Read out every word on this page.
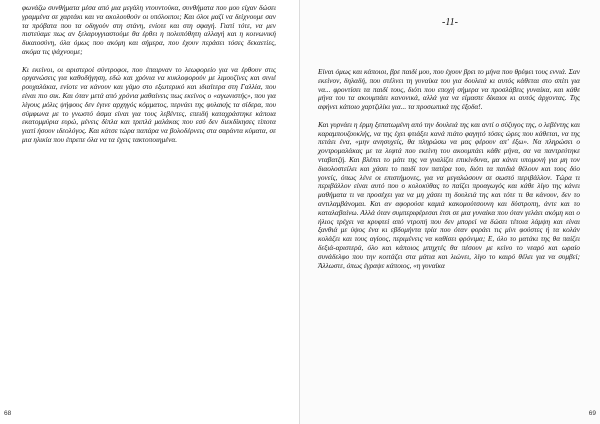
φωνάζω συνθήματα μέσα από μια μεγάλη ντουντούκα, συνθήματα που μου είχαν δώσει γραμμένα σε χαρτάκι και να ακολουθούν οι υπόλοιποι; Και όλοι μαζί να δείχνουμε σαν τα πρόβατα που τα οδηγούν στη στάνη, ενίοτε και στη σφαγή. Γιατί τότε, να μεν πιστεύαμε πως αν ξελαρυγγιαστούμε θα έρθει η πολυπόθητη αλλαγή και η κοινωνική δικαιοσύνη, όλα όμως που ακόμη και σήμερα, που έχουν περάσει τόσες δεκαετίες, ακόμα τις ψάχνουμε;

Κι εκείνοι, οι αριστεροί σύντροφοι, που έπαιρναν το λεωφορείο για να έρθουν στις οργανώσεις για καθοδήγηση, εδώ και χρόνια να κυκλοφορούν με λιμουζίνες και σινιέ ρουχαλάκια, ενίοτε να κάνουν και γάμο στο εξωτερικό και ιδιαίτερα στη Γαλλία, που είναι πιο σικ. Και όταν μετά από χρόνια μαθαίνεις πως εκείνος ο «αγωνιστής», που για λίγους μόλις ψήφους δεν έγινε αρχηγός κόμματος, περνάει της φυλακής τα σίδερα, που σύμφωνα με το γνωστό άσμα είναι για τους λεβέντες, επειδή καταχράστηκε κάποια εκατομμύρια ευρώ, μένεις δίπλα και τριπλά μαλάκας που εσύ δεν διεκδίκησες τίποτα γιατί ήσουν ιδεολόγος. Και κάτσε τώρα παπάρα να βολοδέρνεις στα σαράντα κύματα, σε μια ηλικία που έπρεπε όλα να τα έχεις τακτοποιημένα.

68
-11-

Είναι όμως και κάποιοι, βρε παιδί μου, που έχουν βρει το μήνα που θρέφει τους εννιά. Σαν εκείνον, δηλαδή, που στέλνει τη γυναίκα του για δουλειά κι αυτός κάθεται στο σπίτι για να... φροντίσει τα παιδί τους, διότι που εποχή σήμερα να προσλάβεις γυναίκα, και κάθε μήνα του τα ακουμπάει κανονικά, αλλά για να είμαστε δίκαιοι κι αυτός άρχοντας. Της αφήνει κάποιο χαρτζιλίκι για... τα προσωπικά της έξοδα!.

Και γυρνάει η έρμη ξεπατωμένη από την δουλειά της και αντί ο σύζυγος της, ο λεβέντης και καραμπουζουκλής, να της έχει φτιάξει κανά πιάτο φαγητό τόσες ώρες που κάθεται, να της πετάει ένα, «μην ανησυχείς, θα πληρώσω να μας φέρουν απ' έξω». Να πληρώσει ο χοντρομαλάκας με τα λεφτά που εκείνη του ακουμπάει κάθε μήνα, σα να παντρεύτηκε νταβατζή. Και βλέπει το μάτι της να γυαλίζει επικίνδυνα, μα κάνει υπομονή για μη τον διαολοστείλει και χάσει το παιδί τον πατέρα του, διότι τα παιδιά θέλουν και τους δύο γονείς, όπως λένε οι επιστήμονες, για να μεγαλώσουν σε σωστό περιβάλλον. Τώρα τι περιβάλλον είναι αυτό που ο κολοκύθας το παίζει προαγωγός και κάθε λίγο της κάνει μαθήματα τι να προσέχει για να μη χάσει τη δουλειά της και τότε τι θα κάνουν, δεν το αντιλαμβάνομαι. Και αν αφορούσε καμιά κακομούτσουνη και δύστροπη, άντε και το καταλαβαίνω. Αλλά όταν συμπεριφέρεσαι έτσι σε μια γυναίκα που όταν γελάει ακόμη και ο ήλιος τρέχει να κρυφτεί από ντροπή που δεν μπορεί να δώσει τέτοια λάμψη και είναι ξανθιά με ύψος ένα κι εβδομήντα τρία που όταν φοράει τις μίνι φούστες ή τα κολάν κολάζει και τους αγίους, περιμένεις να καθίσει φρόνιμα; Ε, όλο το ματάκι της θα παίζει δεξιά-αριστερά, όλο και κάποιος μπηχτές θα πέσουν με κείνο το νεαρό και ωραίο συνάδελφο που την κοιτάζει στα μάτια και λιώνει, λίγο το καιρό θέλει για να συμβεί; Άλλωστε, όπως έγραψε κάποιος, «η γυναίκα

69
